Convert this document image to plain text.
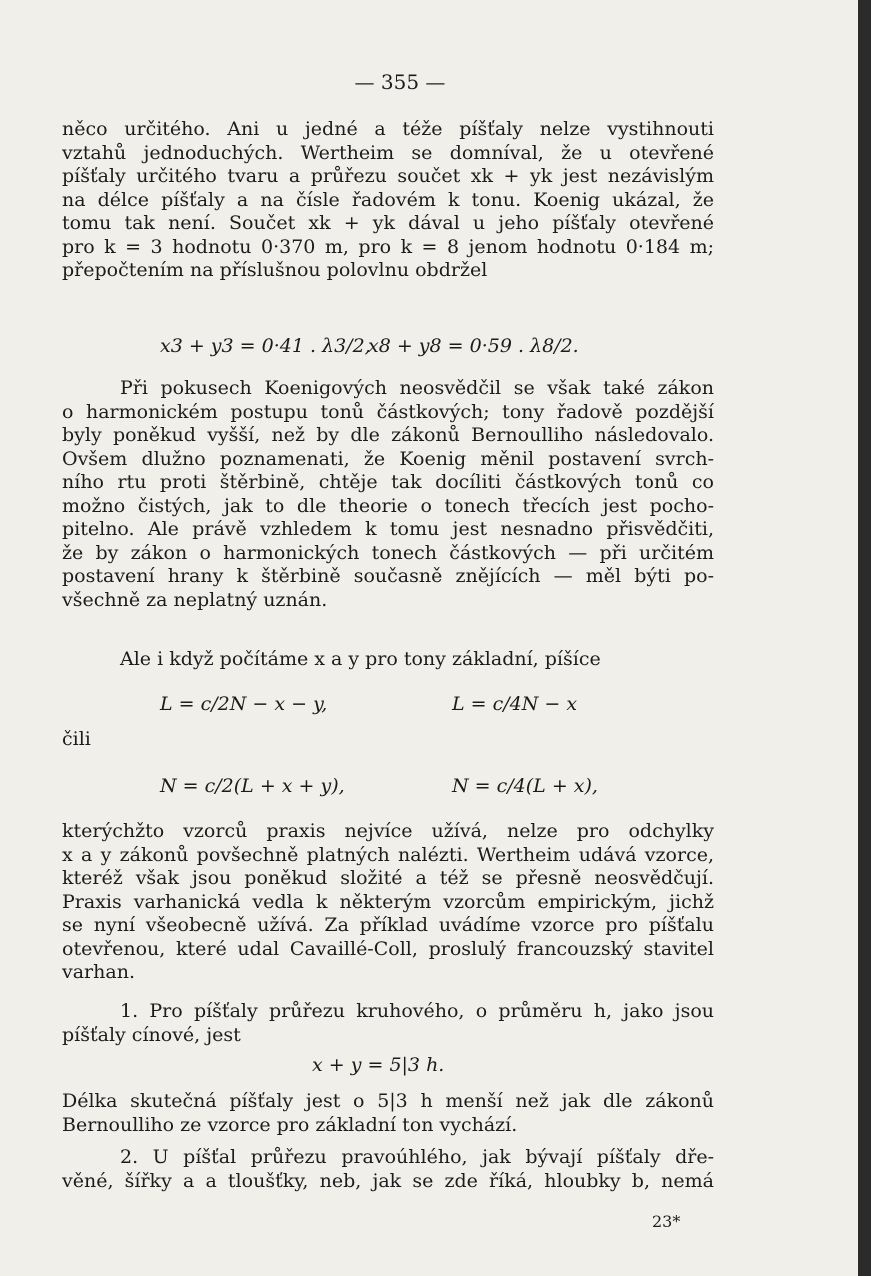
— 355 —
něco určitého. Ani u jedné a téže píšťaly nelze vystihnouti
vztahů jednoduchých. Wertheim se domníval, že u otevřené
píšťaly určitého tvaru a průřezu součet xk + yk jest nezávislým
na délce píšťaly a na čísle řadovém k tonu. Koenig ukázal, že
tomu tak není. Součet xk + yk dával u jeho píšťaly otevřené
pro k = 3 hodnotu 0·370 m, pro k = 8 jenom hodnotu 0·184 m;
přepočtením na příslušnou polovlnu obdržel
x3 + y3 = 0·41 . λ3/2,
x8 + y8 = 0·59 . λ8/2.
Při pokusech Koenigových neosvědčil se však také zákon
o harmonickém postupu tonů částkových; tony řadově pozdější
byly poněkud vyšší, než by dle zákonů Bernoulliho následovalo.
Ovšem dlužno poznamenati, že Koenig měnil postavení svrch-
ního rtu proti štěrbině, chtěje tak docíliti částkových tonů co
možno čistých, jak to dle theorie o tonech třecích jest pocho-
pitelno. Ale právě vzhledem k tomu jest nesnadno přisvědčiti,
že by zákon o harmonických tonech částkových — při určitém
postavení hrany k štěrbině současně znějících — měl býti po-
všechně za neplatný uznán.
Ale i když počítáme x a y pro tony základní, píšíce
L = c/2N − x − y,	L = c/4N − x
čili
N = c/2(L + x + y),	N = c/4(L + x),
kterýchžto vzorců praxis nejvíce užívá, nelze pro odchylky
x a y zákonů povšechně platných nalézti. Wertheim udává vzorce,
kteréž však jsou poněkud složité a též se přesně neosvědčují.
Praxis varhanická vedla k některým vzorcům empirickým, jichž
se nyní všeobecně užívá. Za příklad uvádíme vzorce pro píšťalu
otevřenou, které udal Cavaillé-Coll, proslulý francouzský stavitel
varhan.
1. Pro píšťaly průřezu kruhového, o průměru h, jako jsou
píšťaly cínové, jest
x + y = 5|3 h.
Délka skutečná píšťaly jest o 5|3 h menší než jak dle zákonů
Bernoulliho ze vzorce pro základní ton vychází.
2. U píšťal průřezu pravoúhlého, jak bývají píšťaly dře-
věné, šířky a a tloušťky, neb, jak se zde říká, hloubky b, nemá
23*
